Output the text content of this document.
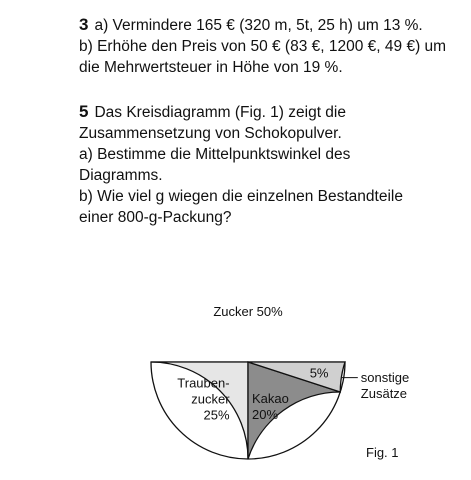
3 a) Vermindere 165 € (320 m, 5t, 25 h) um 13 %.
b) Erhöhe den Preis von 50 € (83 €, 1200 €, 49 €) um
die Mehrwertsteuer in Höhe von 19 %.
5 Das Kreisdiagramm (Fig. 1) zeigt die
Zusammensetzung von Schokopulver.
a) Bestimme die Mittelpunktswinkel des
Diagramms.
b) Wie viel g wiegen die einzelnen Bestandteile
einer 800-g-Packung?
Zucker 50%
Trauben-
zucker
25%
Kakao
20%
5% sonstige
Zusätze
Fig. 1
